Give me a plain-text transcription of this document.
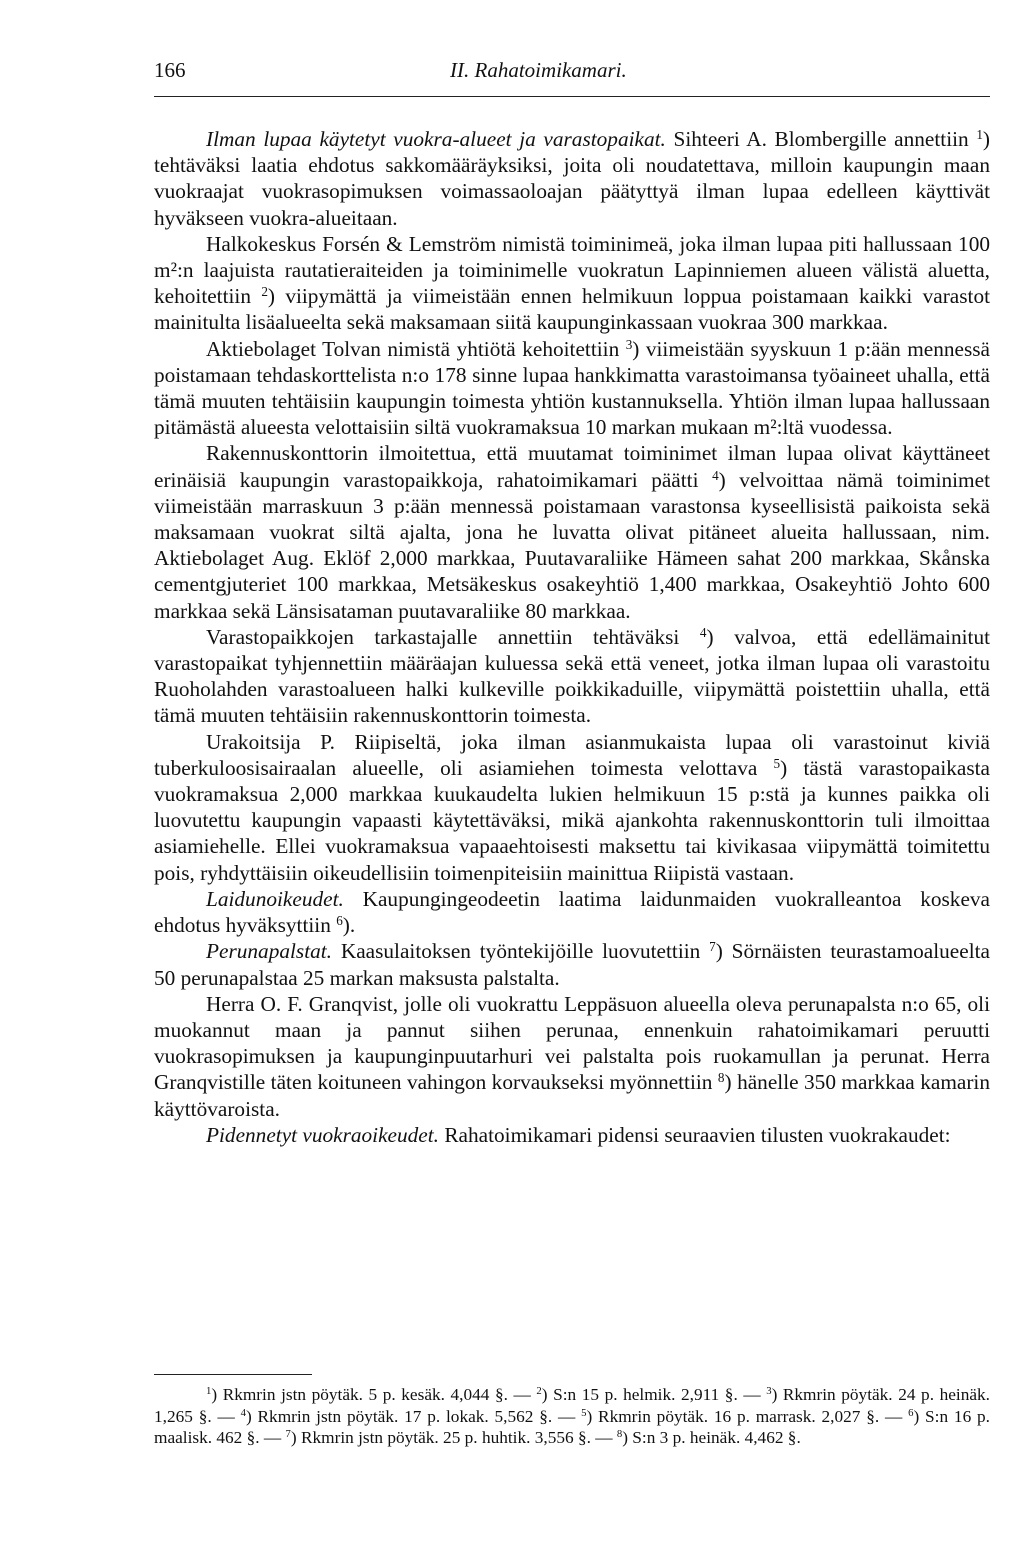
166	II. Rahatoimikamari.

Ilman lupaa käytetyt vuokra-alueet ja varastopaikat. Sihteeri A. Blombergille annettiin $^1$) tehtäväksi laatia ehdotus sakkomääräyksiksi, joita oli noudatettava, milloin kaupungin maan vuokraajat vuokrasopimuksen voimassaoloajan päätyttyä ilman lupaa edelleen käyttivät hyväkseen vuokra-alueitaan.

Halkokeskus Forsén & Lemström nimistä toiminimeä, joka ilman lupaa piti hallussaan 100 m²:n laajuista rautatieraiteiden ja toiminimelle vuokratun Lapinniemen alueen välistä aluetta, kehoitettiin $^2$) viipymättä ja viimeistään ennen helmikuun loppua poistamaan kaikki varastot mainitulta lisäalueelta sekä maksamaan siitä kaupunginkassaan vuokraa 300 markkaa.

Aktiebolaget Tolvan nimistä yhtiötä kehoitettiin $^3$) viimeistään syyskuun 1 p:ään mennessä poistamaan tehdaskorttelista n:o 178 sinne lupaa hankkimatta varastoimansa työaineet uhalla, että tämä muuten tehtäisiin kaupungin toimesta yhtiön kustannuksella. Yhtiön ilman lupaa hallussaan pitämästä alueesta velottaisiin siltä vuokramaksua 10 markan mukaan m²:ltä vuodessa.

Rakennuskonttorin ilmoitettua, että muutamat toiminimet ilman lupaa olivat käyttäneet erinäisiä kaupungin varastopaikkoja, rahatoimikamari päätti $^4$) velvoittaa nämä toiminimet viimeistään marraskuun 3 p:ään mennessä poistamaan varastonsa kyseellisistä paikoista sekä maksamaan vuokrat siltä ajalta, jona he luvatta olivat pitäneet alueita hallussaan, nim. Aktiebolaget Aug. Eklöf 2,000 markkaa, Puutavaraliike Hämeen sahat 200 markkaa, Skånska cementgjuteriet 100 markkaa, Metsäkeskus osakeyhtiö 1,400 markkaa, Osakeyhtiö Johto 600 markkaa sekä Länsisataman puutavaraliike 80 markkaa.

Varastopaikkojen tarkastajalle annettiin tehtäväksi $^4$) valvoa, että edellämainitut varastopaikat tyhjennettiin määräajan kuluessa sekä että veneet, jotka ilman lupaa oli varastoitu Ruoholahden varastoalueen halki kulkeville poikkikaduille, viipymättä poistettiin uhalla, että tämä muuten tehtäisiin rakennuskonttorin toimesta.

Urakoitsija P. Riipiseltä, joka ilman asianmukaista lupaa oli varastoinut kiviä tuberkuloosisairaalan alueelle, oli asiamiehen toimesta velottava $^5$) tästä varastopaikasta vuokramaksua 2,000 markkaa kuukaudelta lukien helmikuun 15 p:stä ja kunnes paikka oli luovutettu kaupungin vapaasti käytettäväksi, mikä ajankohta rakennuskonttorin tuli ilmoittaa asiamiehelle. Ellei vuokramaksua vapaaehtoisesti maksettu tai kivikasaa viipymättä toimitettu pois, ryhdyttäisiin oikeudellisiin toimenpiteisiin mainittua Riipistä vastaan.

Laidunoikeudet. Kaupungingeodeetin laatima laidunmaiden vuokralleantoa koskeva ehdotus hyväksyttiin $^6$).

Perunapalstat. Kaasulaitoksen työntekijöille luovutettiin $^7$) Sörnäisten teurastamoalueelta 50 perunapalstaa 25 markan maksusta palstalta.

Herra O. F. Granqvist, jolle oli vuokrattu Leppäsuon alueella oleva perunapalsta n:o 65, oli muokannut maan ja pannut siihen perunaa, ennenkuin rahatoimikamari peruutti vuokrasopimuksen ja kaupunginpuutarhuri vei palstalta pois ruokamullan ja perunat. Herra Granqvistille täten koituneen vahingon korvaukseksi myönnettiin $^8$) hänelle 350 markkaa kamarin käyttövaroista.

Pidennetyt vuokraoikeudet. Rahatoimikamari pidensi seuraavien tilusten vuokrakaudet:

$^1$) Rkmrin jstn pöytäk. 5 p. kesäk. 4,044 §. — $^2$) S:n 15 p. helmik. 2,911 §. — $^3$) Rkmrin pöytäk. 24 p. heinäk. 1,265 §. — $^4$) Rkmrin jstn pöytäk. 17 p. lokak. 5,562 §. — $^5$) Rkmrin pöytäk. 16 p. marrask. 2,027 §. — $^6$) S:n 16 p. maalisk. 462 §. — $^7$) Rkmrin jstn pöytäk. 25 p. huhtik. 3,556 §. — $^8$) S:n 3 p. heinäk. 4,462 §.
